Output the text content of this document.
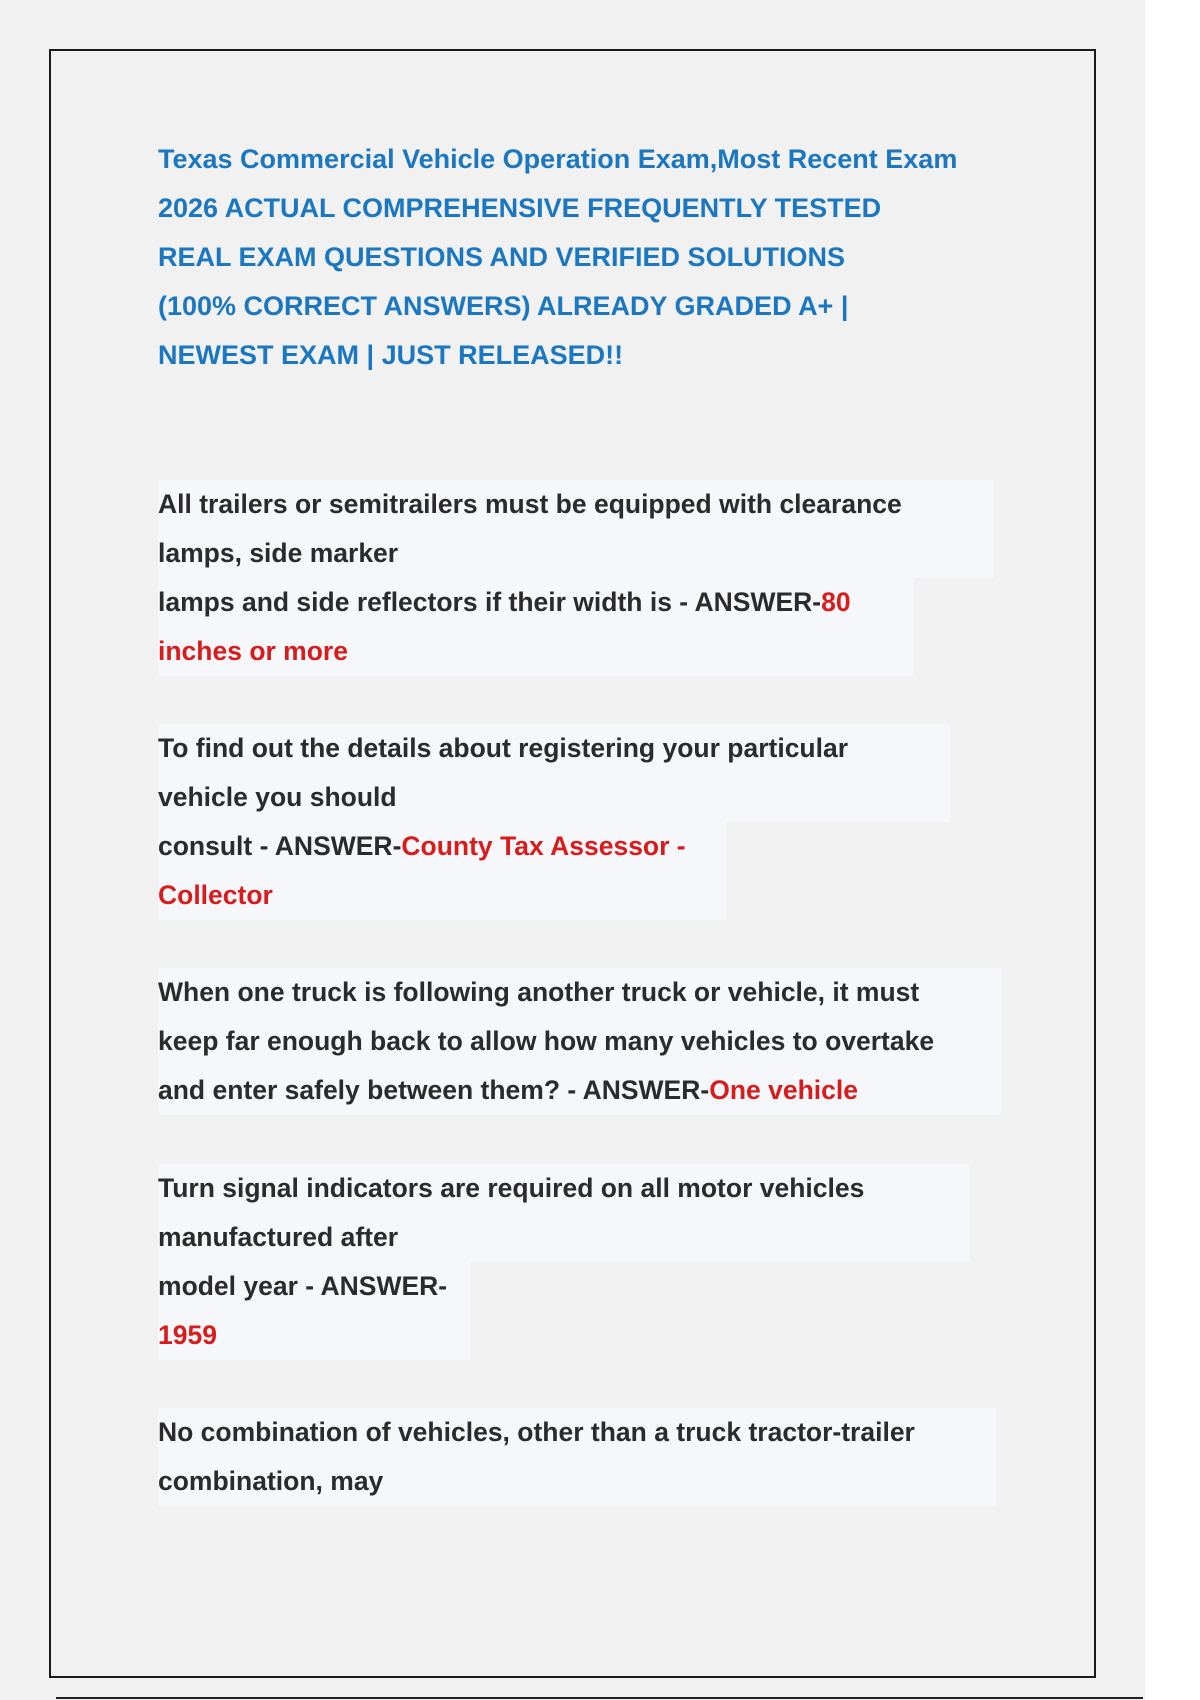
Texas Commercial Vehicle Operation Exam,Most Recent Exam
2026 ACTUAL COMPREHENSIVE FREQUENTLY TESTED
REAL EXAM QUESTIONS AND VERIFIED SOLUTIONS
(100% CORRECT ANSWERS) ALREADY GRADED A+ |
NEWEST EXAM | JUST RELEASED!!
All trailers or semitrailers must be equipped with clearance
lamps, side marker
lamps and side reflectors if their width is - ANSWER-80
inches or more
To find out the details about registering your particular
vehicle you should
consult - ANSWER-County Tax Assessor -
Collector
When one truck is following another truck or vehicle, it must
keep far enough back to allow how many vehicles to overtake
and enter safely between them? - ANSWER-One vehicle
Turn signal indicators are required on all motor vehicles
manufactured after
model year - ANSWER-
1959
No combination of vehicles, other than a truck tractor-trailer
combination, may
